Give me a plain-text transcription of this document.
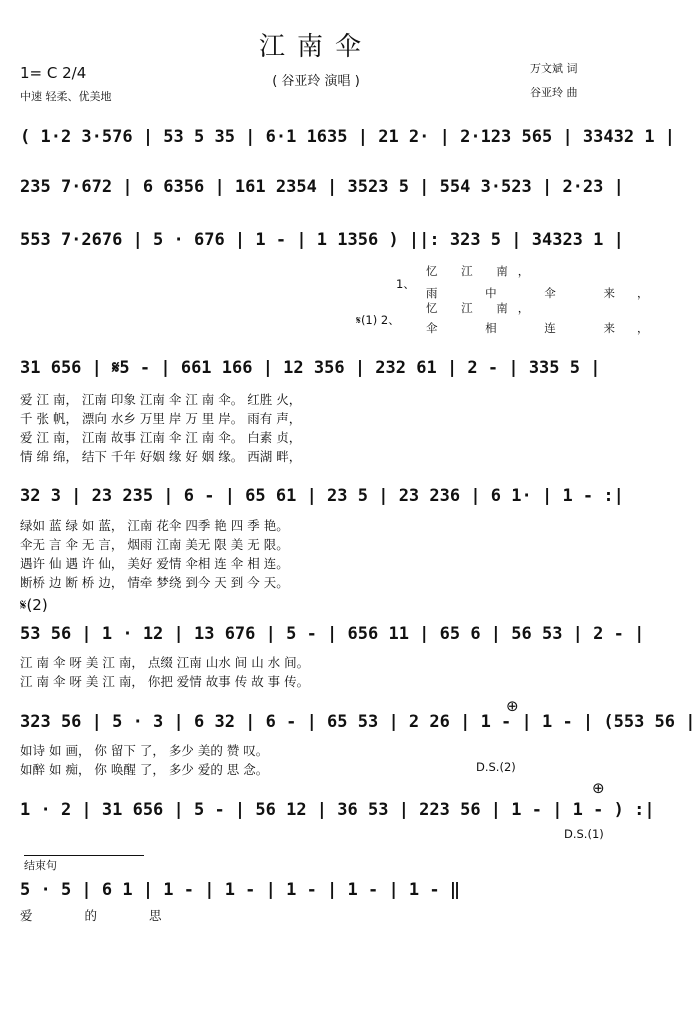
江南伞
( 谷亚玲 演唱 )
1= C 2/4
中速 轻柔、优美地
万文斌 词
谷亚玲 曲
( 1·2 3·576 | 53 5 35 | 6·1 1635 | 21 2· | 2·123 565 | 33432 1 |
235 7·672 | 6 6356 | 161 2354 | 3523 5 | 554 3·523 | 2·23 |
553 7·2676 | 5 · 676 | 1 - | 1 1356 ) ||: 323 5 | 34323 1 |
1、
忆 江 南，
雨 中 伞 来，
𝄋(1) 2、
忆 江 南，
伞 相 连 来，
31 656 | 𝄋5 - | 661 166 | 12 356 | 232 61 | 2 - | 335 5 |
爱 江 南， 江南 印象 江南 伞 江 南 伞。 红胜 火，
千 张 帆， 漂向 水乡 万里 岸 万 里 岸。 雨有 声，
爱 江 南， 江南 故事 江南 伞 江 南 伞。 白素 贞，
情 绵 绵， 结下 千年 好姻 缘 好 姻 缘。 西湖 畔，
32 3 | 23 235 | 6 - | 65 61 | 23 5 | 23 236 | 6 1· | 1 - :|
绿如 蓝 绿 如 蓝， 江南 花伞 四季 艳 四 季 艳。
伞无 言 伞 无 言， 烟雨 江南 美无 限 美 无 限。
遇许 仙 遇 许 仙， 美好 爱情 伞相 连 伞 相 连。
断桥 边 断 桥 边， 情牵 梦绕 到今 天 到 今 天。
𝄋(2)
53 56 | 1 · 12 | 13 676 | 5 - | 656 11 | 65 6 | 56 53 | 2 - |
江 南 伞 呀 美 江 南， 点缀 江南 山水 间 山 水 间。
江 南 伞 呀 美 江 南， 你把 爱情 故事 传 故 事 传。
⊕
323 56 | 5 · 3 | 6 32 | 6 - | 65 53 | 2 26 | 1 - | 1 - | (553 56 |
如诗 如 画， 你 留下 了， 多少 美的 赞 叹。
如醉 如 痴， 你 唤醒 了， 多少 爱的 思 念。	D.S.(2)
⊕
1 · 2 | 31 656 | 5 - | 56 12 | 36 53 | 223 56 | 1 - | 1 - ) :|
D.S.(1)
结束句
5 · 5 | 6 1 | 1 - | 1 - | 1 - | 1 - | 1 - ‖
爱 的 思
